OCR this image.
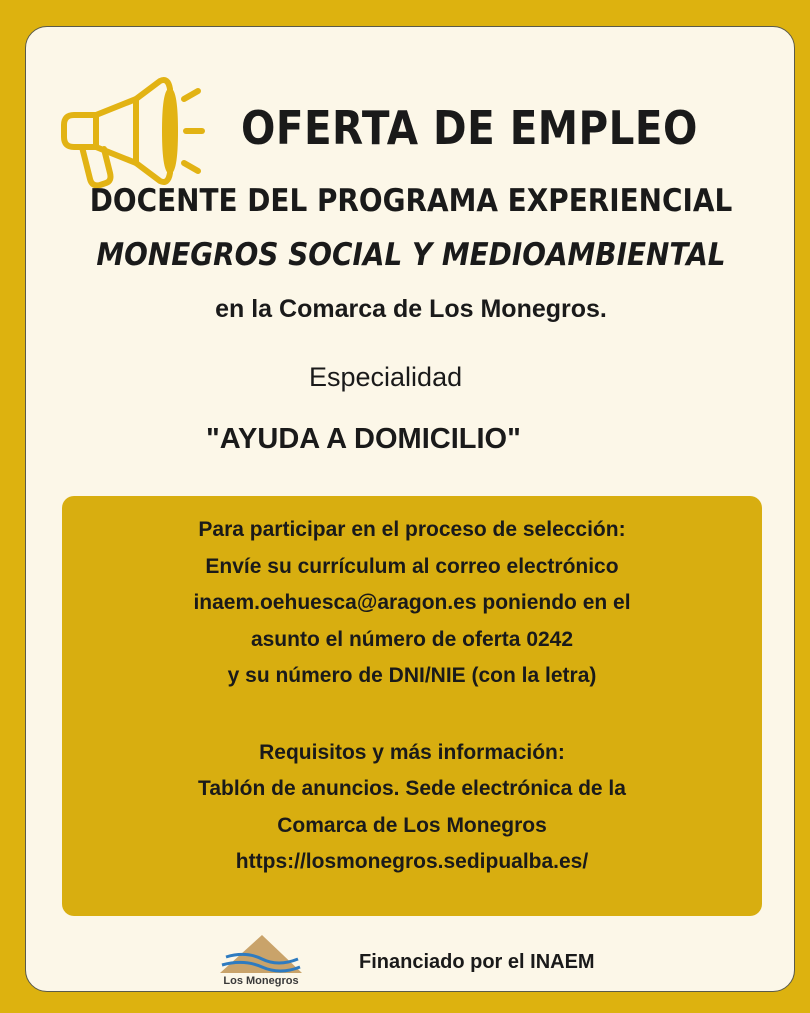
OFERTA DE EMPLEO
DOCENTE DEL PROGRAMA EXPERIENCIAL
MONEGROS SOCIAL Y MEDIOAMBIENTAL
en la Comarca de Los Monegros.
Especialidad
"AYUDA A DOMICILIO"
Para participar en el proceso de selección:
Envíe su currículum al correo electrónico
inaem.oehuesca@aragon.es poniendo en el
asunto el número de oferta 0242
y su número de DNI/NIE (con la letra)
Requisitos y más información:
Tablón de anuncios. Sede electrónica de la
Comarca de Los Monegros
https://losmonegros.sedipualba.es/
Los Monegros
Financiado por el INAEM
